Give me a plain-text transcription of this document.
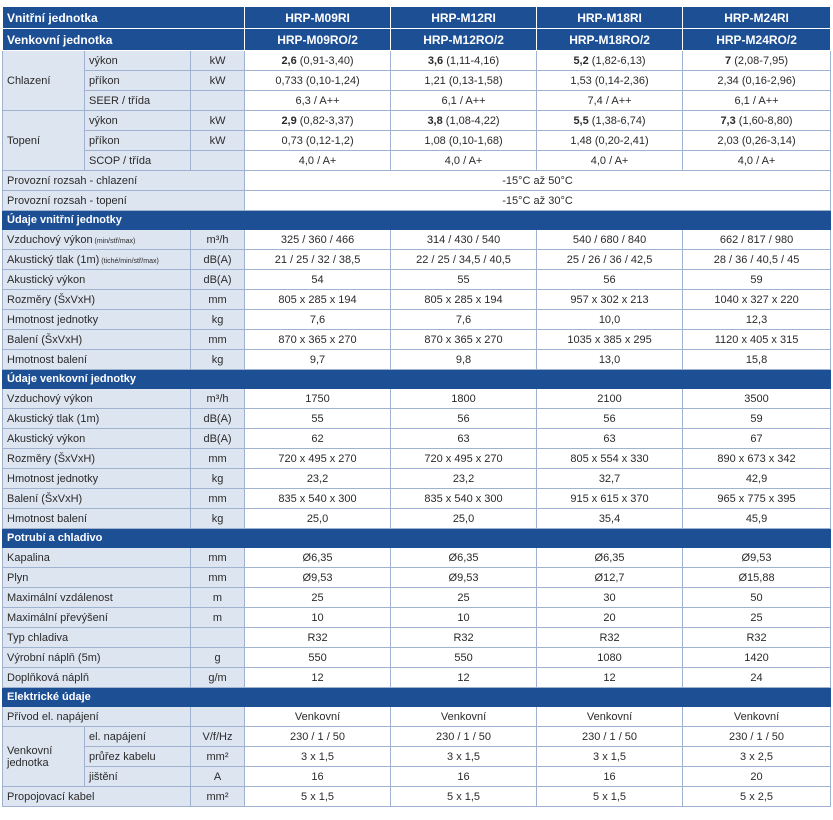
Vnitřní jednotka			HRP-M09RI	HRP-M12RI	HRP-M18RI	HRP-M24RI
Venkovní jednotka			HRP-M09RO/2	HRP-M12RO/2	HRP-M18RO/2	HRP-M24RO/2
Chlazení	výkon	kW	2,6 (0,91-3,40)	3,6 (1,11-4,16)	5,2 (1,82-6,13)	7 (2,08-7,95)
	příkon	kW	0,733 (0,10-1,24)	1,21 (0,13-1,58)	1,53 (0,14-2,36)	2,34 (0,16-2,96)
	SEER / třída		6,3 / A++	6,1 / A++	7,4 / A++	6,1 / A++
Topení	výkon	kW	2,9 (0,82-3,37)	3,8 (1,08-4,22)	5,5 (1,38-6,74)	7,3 (1,60-8,80)
	příkon	kW	0,73 (0,12-1,2)	1,08 (0,10-1,68)	1,48 (0,20-2,41)	2,03 (0,26-3,14)
	SCOP / třída		4,0 / A+	4,0 / A+	4,0 / A+	4,0 / A+
Provozní rozsah - chlazení			-15°C až 50°C			
Provozní rozsah - topení			-15°C až 30°C			
Údaje vnitřní jednotky						
Vzduchový výkon (min/stř/max)		m³/h	325 / 360 / 466	314 / 430 / 540	540 / 680 / 840	662 / 817 / 980
Akustický tlak (1m) (tiché/min/stř/max)		dB(A)	21 / 25 / 32 / 38,5	22 / 25 / 34,5 / 40,5	25 / 26 / 36 / 42,5	28 / 36 / 40,5 / 45
Akustický výkon		dB(A)	54	55	56	59
Rozměry (ŠxVxH)		mm	805 x 285 x 194	805 x 285 x 194	957 x 302 x 213	1040 x 327 x 220
Hmotnost jednotky		kg	7,6	7,6	10,0	12,3
Balení (ŠxVxH)		mm	870 x 365 x 270	870 x 365 x 270	1035 x 385 x 295	1120 x 405 x 315
Hmotnost balení		kg	9,7	9,8	13,0	15,8
Údaje venkovní jednotky						
Vzduchový výkon		m³/h	1750	1800	2100	3500
Akustický tlak (1m)		dB(A)	55	56	56	59
Akustický výkon		dB(A)	62	63	63	67
Rozměry (ŠxVxH)		mm	720 x 495 x 270	720 x 495 x 270	805 x 554 x 330	890 x 673 x 342
Hmotnost jednotky		kg	23,2	23,2	32,7	42,9
Balení (ŠxVxH)		mm	835 x 540 x 300	835 x 540 x 300	915 x 615 x 370	965 x 775 x 395
Hmotnost balení		kg	25,0	25,0	35,4	45,9
Potrubí a chladivo						
Kapalina		mm	Ø6,35	Ø6,35	Ø6,35	Ø9,53
Plyn		mm	Ø9,53	Ø9,53	Ø12,7	Ø15,88
Maximální vzdálenost		m	25	25	30	50
Maximální převýšení		m	10	10	20	25
Typ chladiva			R32	R32	R32	R32
Výrobní náplň (5m)		g	550	550	1080	1420
Doplňková náplň		g/m	12	12	12	24
Elektrické údaje						
Přívod el. napájení			Venkovní	Venkovní	Venkovní	Venkovní
Venkovní jednotka	el. napájení	V/f/Hz	230 / 1 / 50	230 / 1 / 50	230 / 1 / 50	230 / 1 / 50
	průřez kabelu	mm²	3 x 1,5	3 x 1,5	3 x 1,5	3 x 2,5
	jištění	A	16	16	16	20
Propojovací kabel		mm²	5 x 1,5	5 x 1,5	5 x 1,5	5 x 2,5
